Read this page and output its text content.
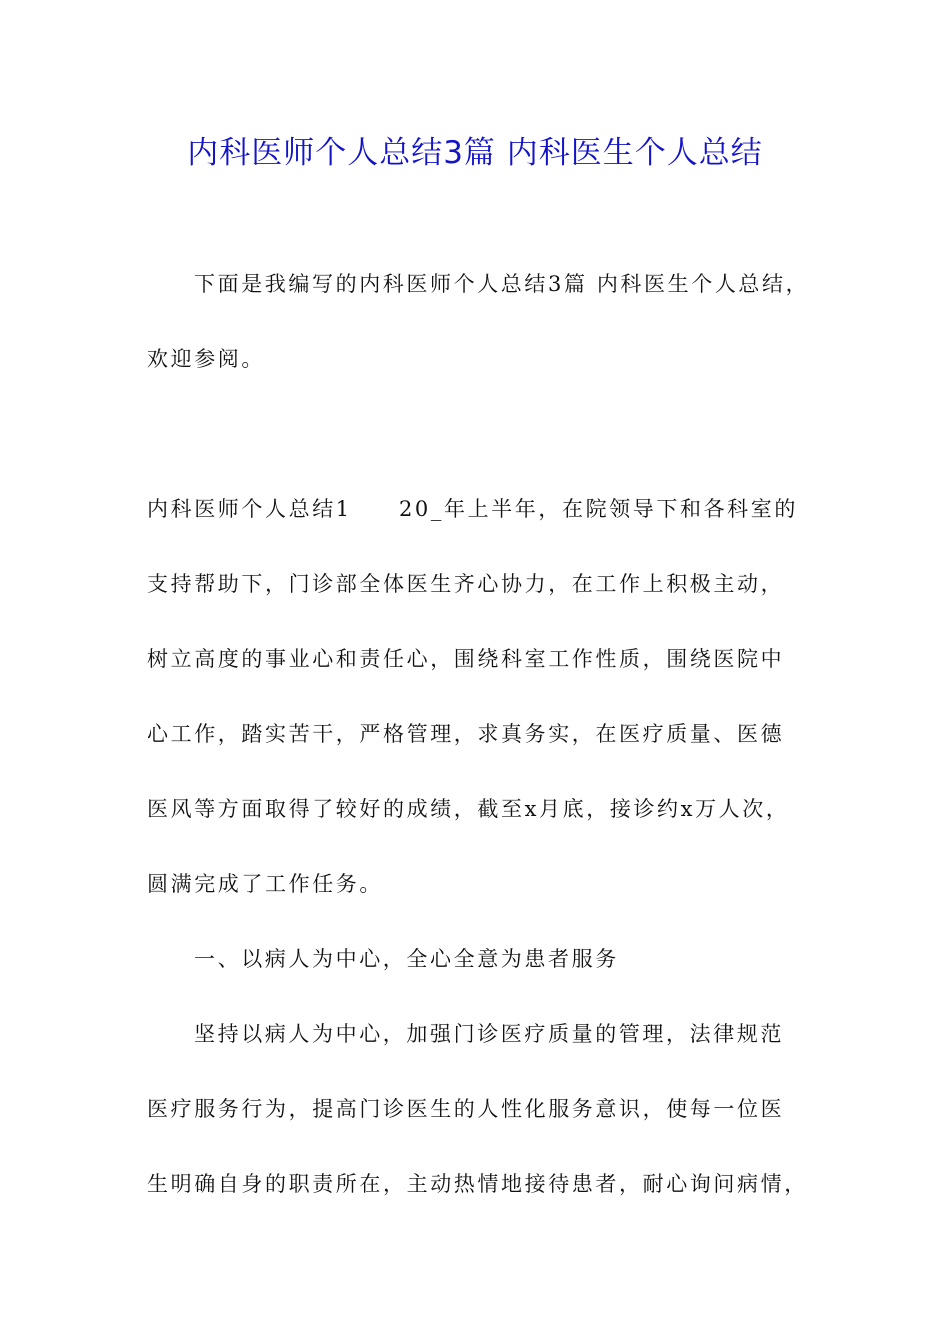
内科医师个人总结3篇 内科医生个人总结
下面是我编写的内科医师个人总结3篇 内科医生个人总结，
欢迎参阅。
内科医师个人总结1　　20_年上半年，在院领导下和各科室的
支持帮助下，门诊部全体医生齐心协力，在工作上积极主动，
树立高度的事业心和责任心，围绕科室工作性质，围绕医院中
心工作，踏实苦干，严格管理，求真务实，在医疗质量、医德
医风等方面取得了较好的成绩，截至x月底，接诊约x万人次，
圆满完成了工作任务。
一、以病人为中心，全心全意为患者服务
坚持以病人为中心，加强门诊医疗质量的管理，法律规范
医疗服务行为，提高门诊医生的人性化服务意识，使每一位医
生明确自身的职责所在，主动热情地接待患者，耐心询问病情，
